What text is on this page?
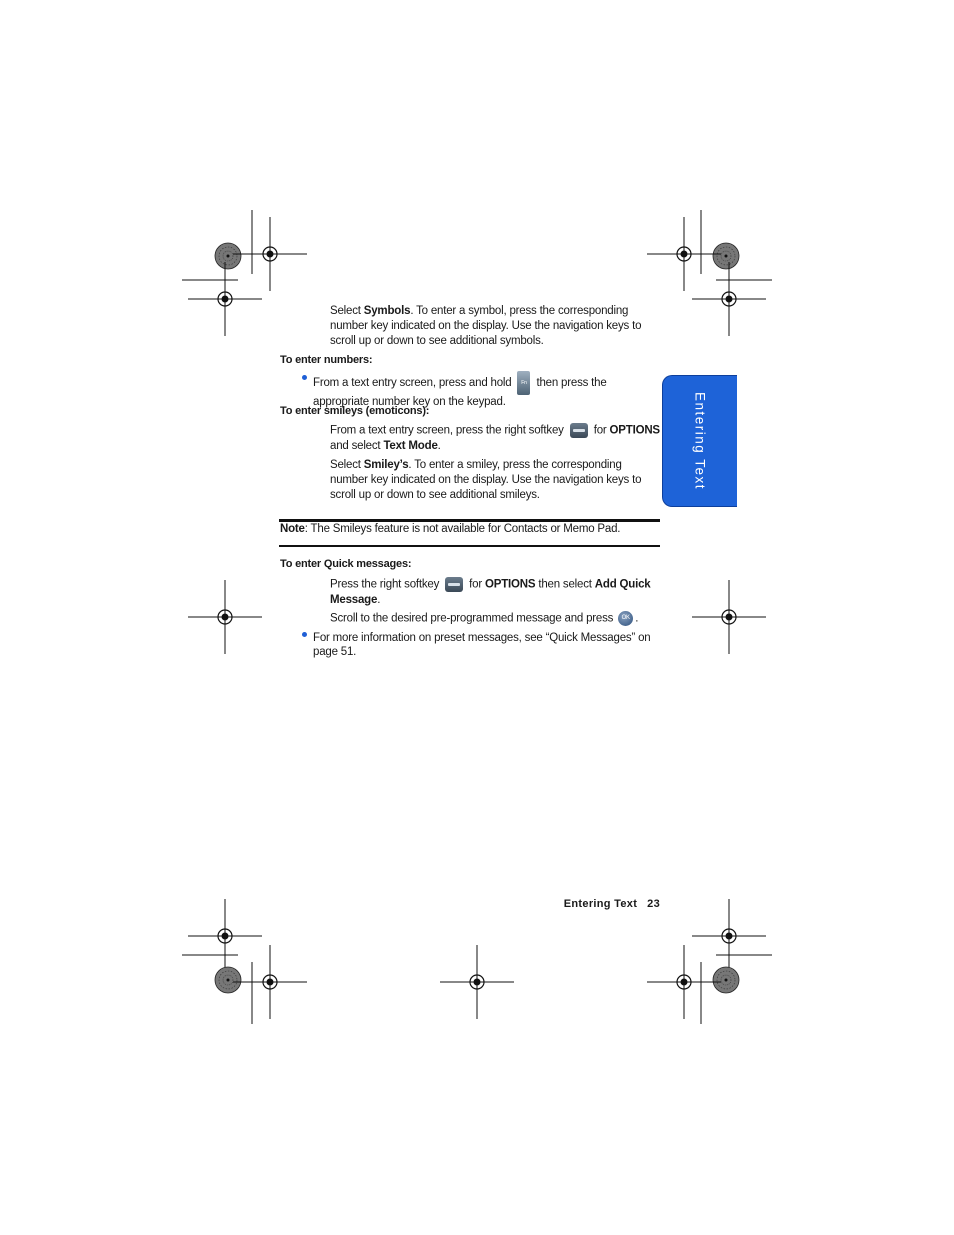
Select Symbols. To enter a symbol, press the corresponding number key indicated on the display. Use the navigation keys to scroll up or down to see additional symbols.
To enter numbers:
From a text entry screen, press and hold Fn then press the appropriate number key on the keypad.
To enter smileys (emoticons):
From a text entry screen, press the right softkey	for OPTIONS and select Text Mode.
Select Smiley’s. To enter a smiley, press the corresponding number key indicated on the display. Use the navigation keys to scroll up or down to see additional smileys.
Note: The Smileys feature is not available for Contacts or Memo Pad.
To enter Quick messages:
Press the right softkey	for OPTIONS then select Add Quick Message.
Scroll to the desired pre-programmed message and press OK .
For more information on preset messages, see “Quick Messages” on page 51.
Entering Text
Entering Text 23
